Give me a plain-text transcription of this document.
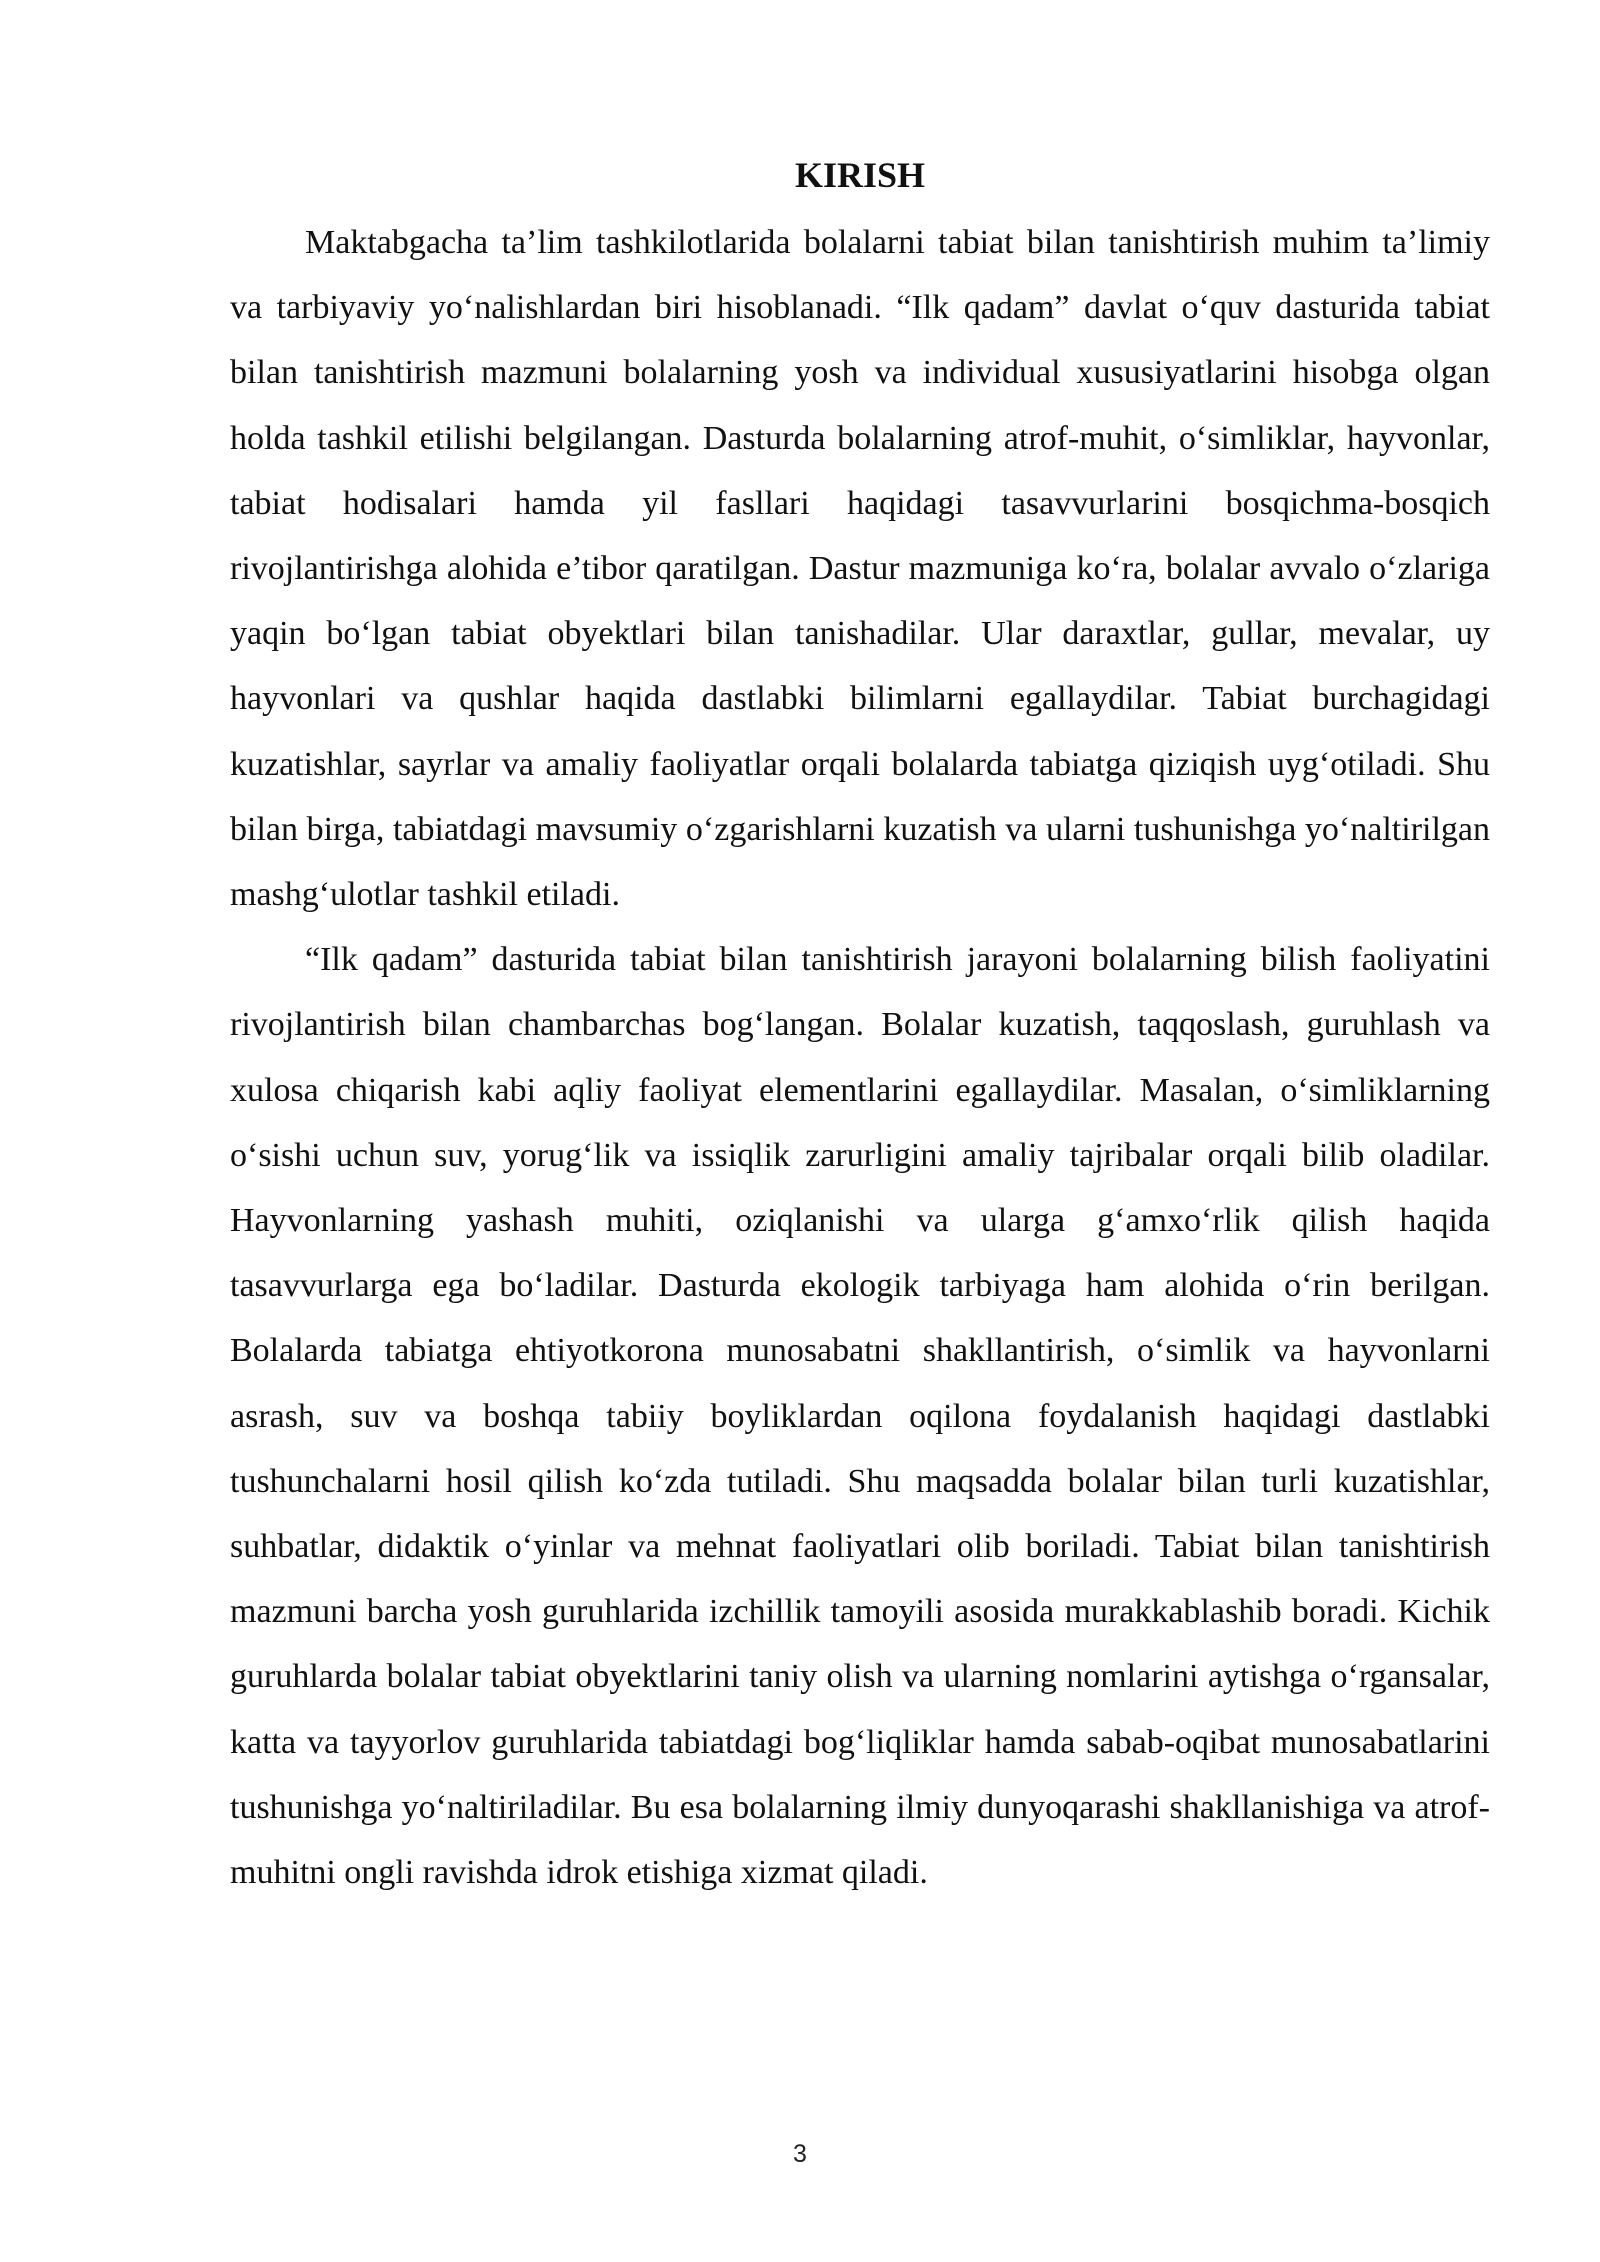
KIRISH

Maktabgacha ta’lim tashkilotlarida bolalarni tabiat bilan tanishtirish muhim ta’limiy va tarbiyaviy yo‘nalishlardan biri hisoblanadi. “Ilk qadam” davlat o‘quv dasturida tabiat bilan tanishtirish mazmuni bolalarning yosh va individual xususiyatlarini hisobga olgan holda tashkil etilishi belgilangan. Dasturda bolalarning atrof-muhit, o‘simliklar, hayvonlar, tabiat hodisalari hamda yil fasllari haqidagi tasavvurlarini bosqichma-bosqich rivojlantirishga alohida e’tibor qaratilgan. Dastur mazmuniga ko‘ra, bolalar avvalo o‘zlariga yaqin bo‘lgan tabiat obyektlari bilan tanishadilar. Ular daraxtlar, gullar, mevalar, uy hayvonlari va qushlar haqida dastlabki bilimlarni egallaydilar. Tabiat burchagidagi kuzatishlar, sayrlar va amaliy faoliyatlar orqali bolalarda tabiatga qiziqish uyg‘otiladi. Shu bilan birga, tabiatdagi mavsumiy o‘zgarishlarni kuzatish va ularni tushunishga yo‘naltirilgan mashg‘ulotlar tashkil etiladi.

“Ilk qadam” dasturida tabiat bilan tanishtirish jarayoni bolalarning bilish faoliyatini rivojlantirish bilan chambarchas bog‘langan. Bolalar kuzatish, taqqoslash, guruhlash va xulosa chiqarish kabi aqliy faoliyat elementlarini egallaydilar. Masalan, o‘simliklarning o‘sishi uchun suv, yorug‘lik va issiqlik zarurligini amaliy tajribalar orqali bilib oladilar. Hayvonlarning yashash muhiti, oziqlanishi va ularga g‘amxo‘rlik qilish haqida tasavvurlarga ega bo‘ladilar. Dasturda ekologik tarbiyaga ham alohida o‘rin berilgan. Bolalarda tabiatga ehtiyotkorona munosabatni shakllantirish, o‘simlik va hayvonlarni asrash, suv va boshqa tabiiy boyliklardan oqilona foydalanish haqidagi dastlabki tushunchalarni hosil qilish ko‘zda tutiladi. Shu maqsadda bolalar bilan turli kuzatishlar, suhbatlar, didaktik o‘yinlar va mehnat faoliyatlari olib boriladi. Tabiat bilan tanishtirish mazmuni barcha yosh guruhlarida izchillik tamoyili asosida murakkablashib boradi. Kichik guruhlarda bolalar tabiat obyektlarini taniy olish va ularning nomlarini aytishga o‘rgansalar, katta va tayyorlov guruhlarida tabiatdagi bog‘liqliklar hamda sabab-oqibat munosabatlarini tushunishga yo‘naltiriladilar. Bu esa bolalarning ilmiy dunyoqarashi shakllanishiga va atrof-muhitni ongli ravishda idrok etishiga xizmat qiladi.

3
